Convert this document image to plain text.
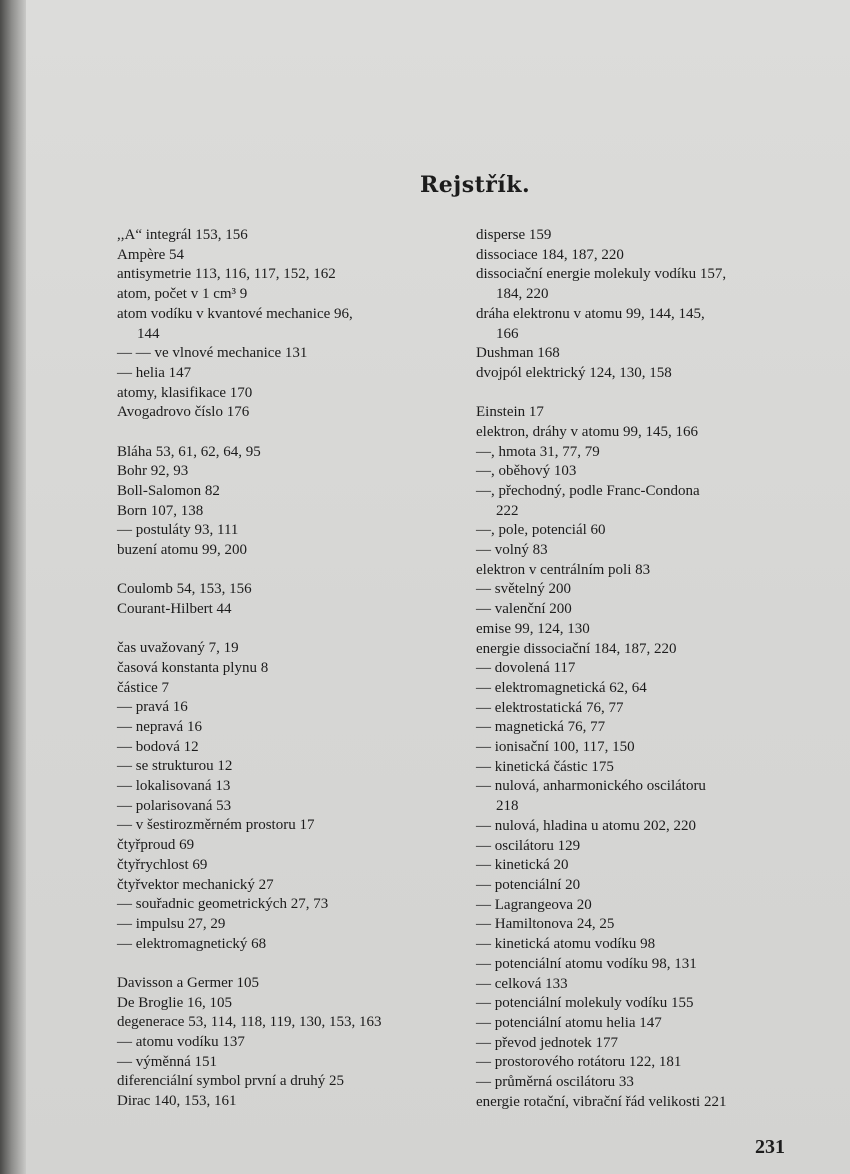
Rejstřík.
,,A“ integrál 153, 156
Ampère 54
antisymetrie 113, 116, 117, 152, 162
atom, počet v 1 cm³ 9
atom vodíku v kvantové mechanice 96,
144
— — ve vlnové mechanice 131
— helia 147
atomy, klasifikace 170
Avogadrovo číslo 176
Bláha 53, 61, 62, 64, 95
Bohr 92, 93
Boll-Salomon 82
Born 107, 138
— postuláty 93, 111
buzení atomu 99, 200
Coulomb 54, 153, 156
Courant-Hilbert 44
čas uvažovaný 7, 19
časová konstanta plynu 8
částice 7
— pravá 16
— nepravá 16
— bodová 12
— se strukturou 12
— lokalisovaná 13
— polarisovaná 53
— v šestirozměrném prostoru 17
čtyřproud 69
čtyřrychlost 69
čtyřvektor mechanický 27
— souřadnic geometrických 27, 73
— impulsu 27, 29
— elektromagnetický 68
Davisson a Germer 105
De Broglie 16, 105
degenerace 53, 114, 118, 119, 130, 153, 163
— atomu vodíku 137
— výměnná 151
diferenciální symbol první a druhý 25
Dirac 140, 153, 161
disperse 159
dissociace 184, 187, 220
dissociační energie molekuly vodíku 157,
184, 220
dráha elektronu v atomu 99, 144, 145,
166
Dushman 168
dvojpól elektrický 124, 130, 158
Einstein 17
elektron, dráhy v atomu 99, 145, 166
—, hmota 31, 77, 79
—, oběhový 103
—, přechodný, podle Franc-Condona
222
—, pole, potenciál 60
— volný 83
elektron v centrálním poli 83
— světelný 200
— valenční 200
emise 99, 124, 130
energie dissociační 184, 187, 220
— dovolená 117
— elektromagnetická 62, 64
— elektrostatická 76, 77
— magnetická 76, 77
— ionisační 100, 117, 150
— kinetická částic 175
— nulová, anharmonického oscilátoru
218
— nulová, hladina u atomu 202, 220
— oscilátoru 129
— kinetická 20
— potenciální 20
— Lagrangeova 20
— Hamiltonova 24, 25
— kinetická atomu vodíku 98
— potenciální atomu vodíku 98, 131
— celková 133
— potenciální molekuly vodíku 155
— potenciální atomu helia 147
— převod jednotek 177
— prostorového rotátoru 122, 181
— průměrná oscilátoru 33
energie rotační, vibrační řád velikosti 221
231
